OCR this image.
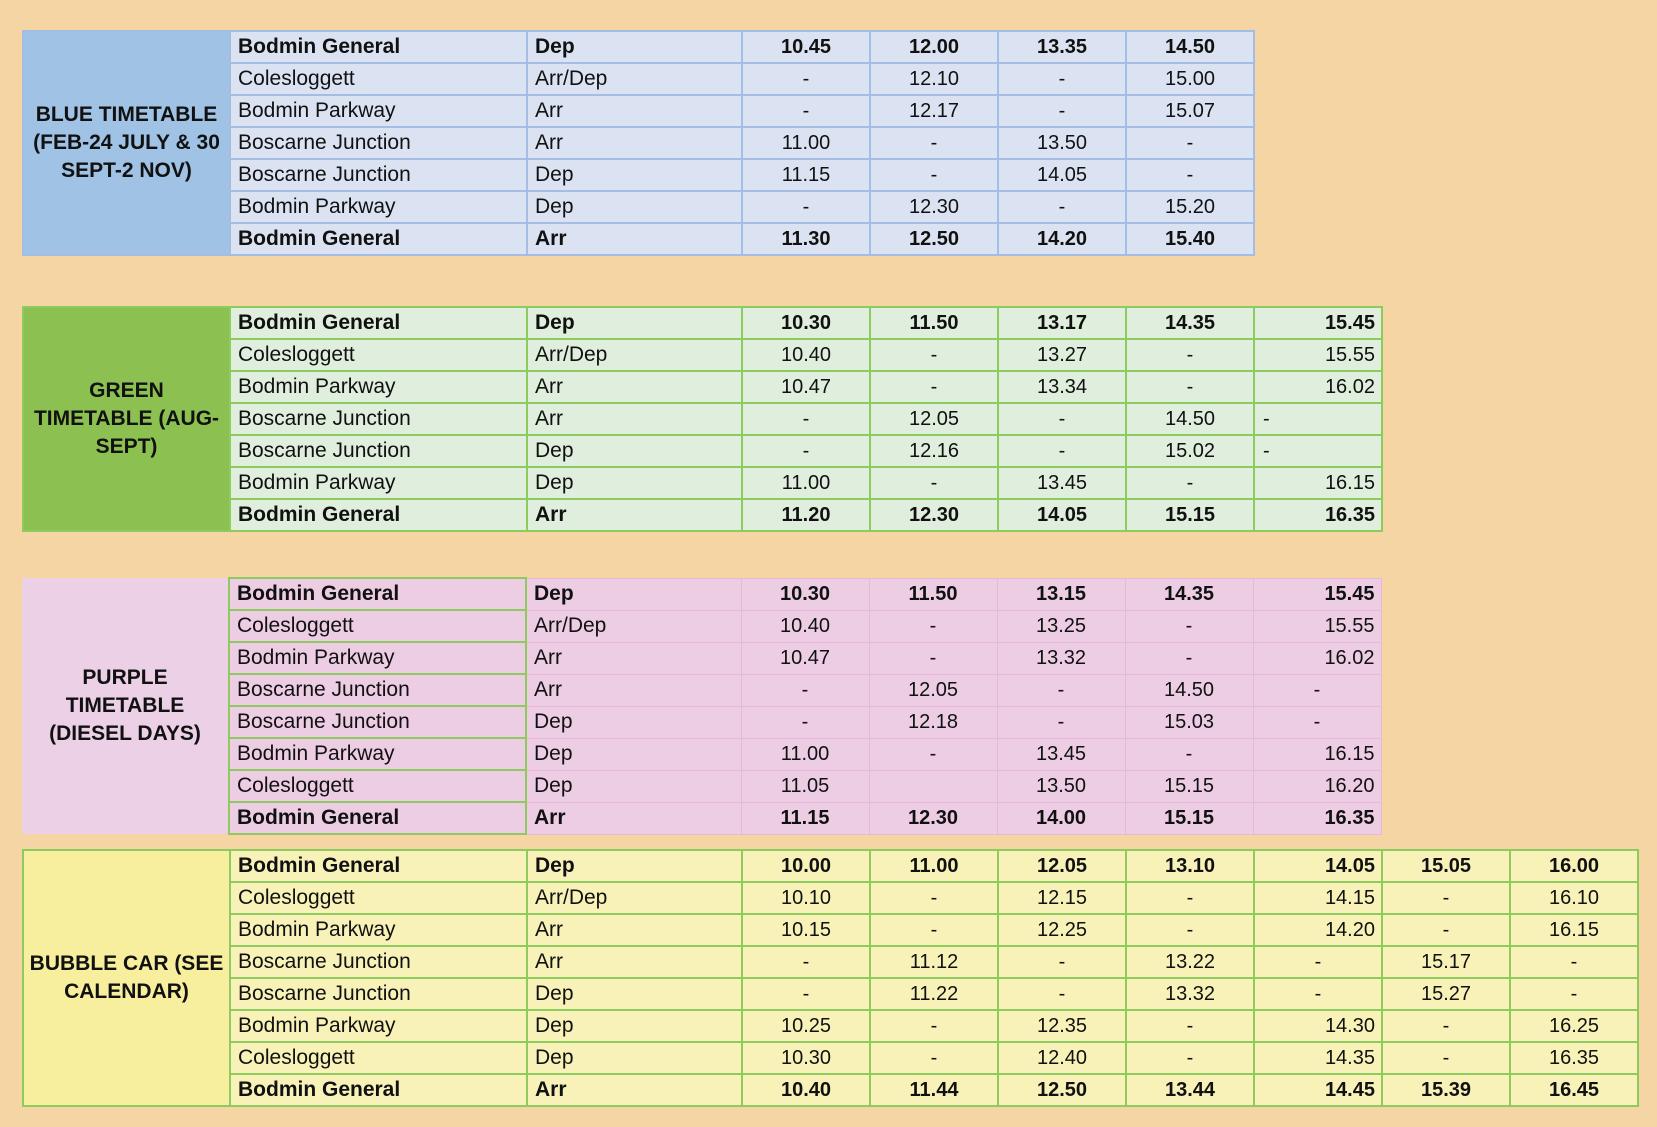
BLUE TIMETABLE (FEB-24 JULY & 30 SEPT-2 NOV)	Bodmin General	Dep	10.45	12.00	13.35	14.50
	Colesloggett	Arr/Dep	-	12.10	-	15.00
	Bodmin Parkway	Arr	-	12.17	-	15.07
	Boscarne Junction	Arr	11.00	-	13.50	-
	Boscarne Junction	Dep	11.15	-	14.05	-
	Bodmin Parkway	Dep	-	12.30	-	15.20
	Bodmin General	Arr	11.30	12.50	14.20	15.40
GREEN TIMETABLE (AUG-SEPT)	Bodmin General	Dep	10.30	11.50	13.17	14.35	15.45
	Colesloggett	Arr/Dep	10.40	-	13.27	-	15.55
	Bodmin Parkway	Arr	10.47	-	13.34	-	16.02
	Boscarne Junction	Arr	-	12.05	-	14.50	-
	Boscarne Junction	Dep	-	12.16	-	15.02	-
	Bodmin Parkway	Dep	11.00	-	13.45	-	16.15
	Bodmin General	Arr	11.20	12.30	14.05	15.15	16.35
PURPLE TIMETABLE (DIESEL DAYS)	Bodmin General	Dep	10.30	11.50	13.15	14.35	15.45
	Colesloggett	Arr/Dep	10.40	-	13.25	-	15.55
	Bodmin Parkway	Arr	10.47	-	13.32	-	16.02
	Boscarne Junction	Arr	-	12.05	-	14.50	-
	Boscarne Junction	Dep	-	12.18	-	15.03	-
	Bodmin Parkway	Dep	11.00	-	13.45	-	16.15
	Colesloggett	Dep	11.05		13.50	15.15	16.20
	Bodmin General	Arr	11.15	12.30	14.00	15.15	16.35
BUBBLE CAR (SEE CALENDAR)	Bodmin General	Dep	10.00	11.00	12.05	13.10	14.05	15.05	16.00
	Colesloggett	Arr/Dep	10.10	-	12.15	-	14.15	-	16.10
	Bodmin Parkway	Arr	10.15	-	12.25	-	14.20	-	16.15
	Boscarne Junction	Arr	-	11.12	-	13.22	-	15.17	-
	Boscarne Junction	Dep	-	11.22	-	13.32	-	15.27	-
	Bodmin Parkway	Dep	10.25	-	12.35	-	14.30	-	16.25
	Colesloggett	Dep	10.30	-	12.40	-	14.35	-	16.35
	Bodmin General	Arr	10.40	11.44	12.50	13.44	14.45	15.39	16.45
